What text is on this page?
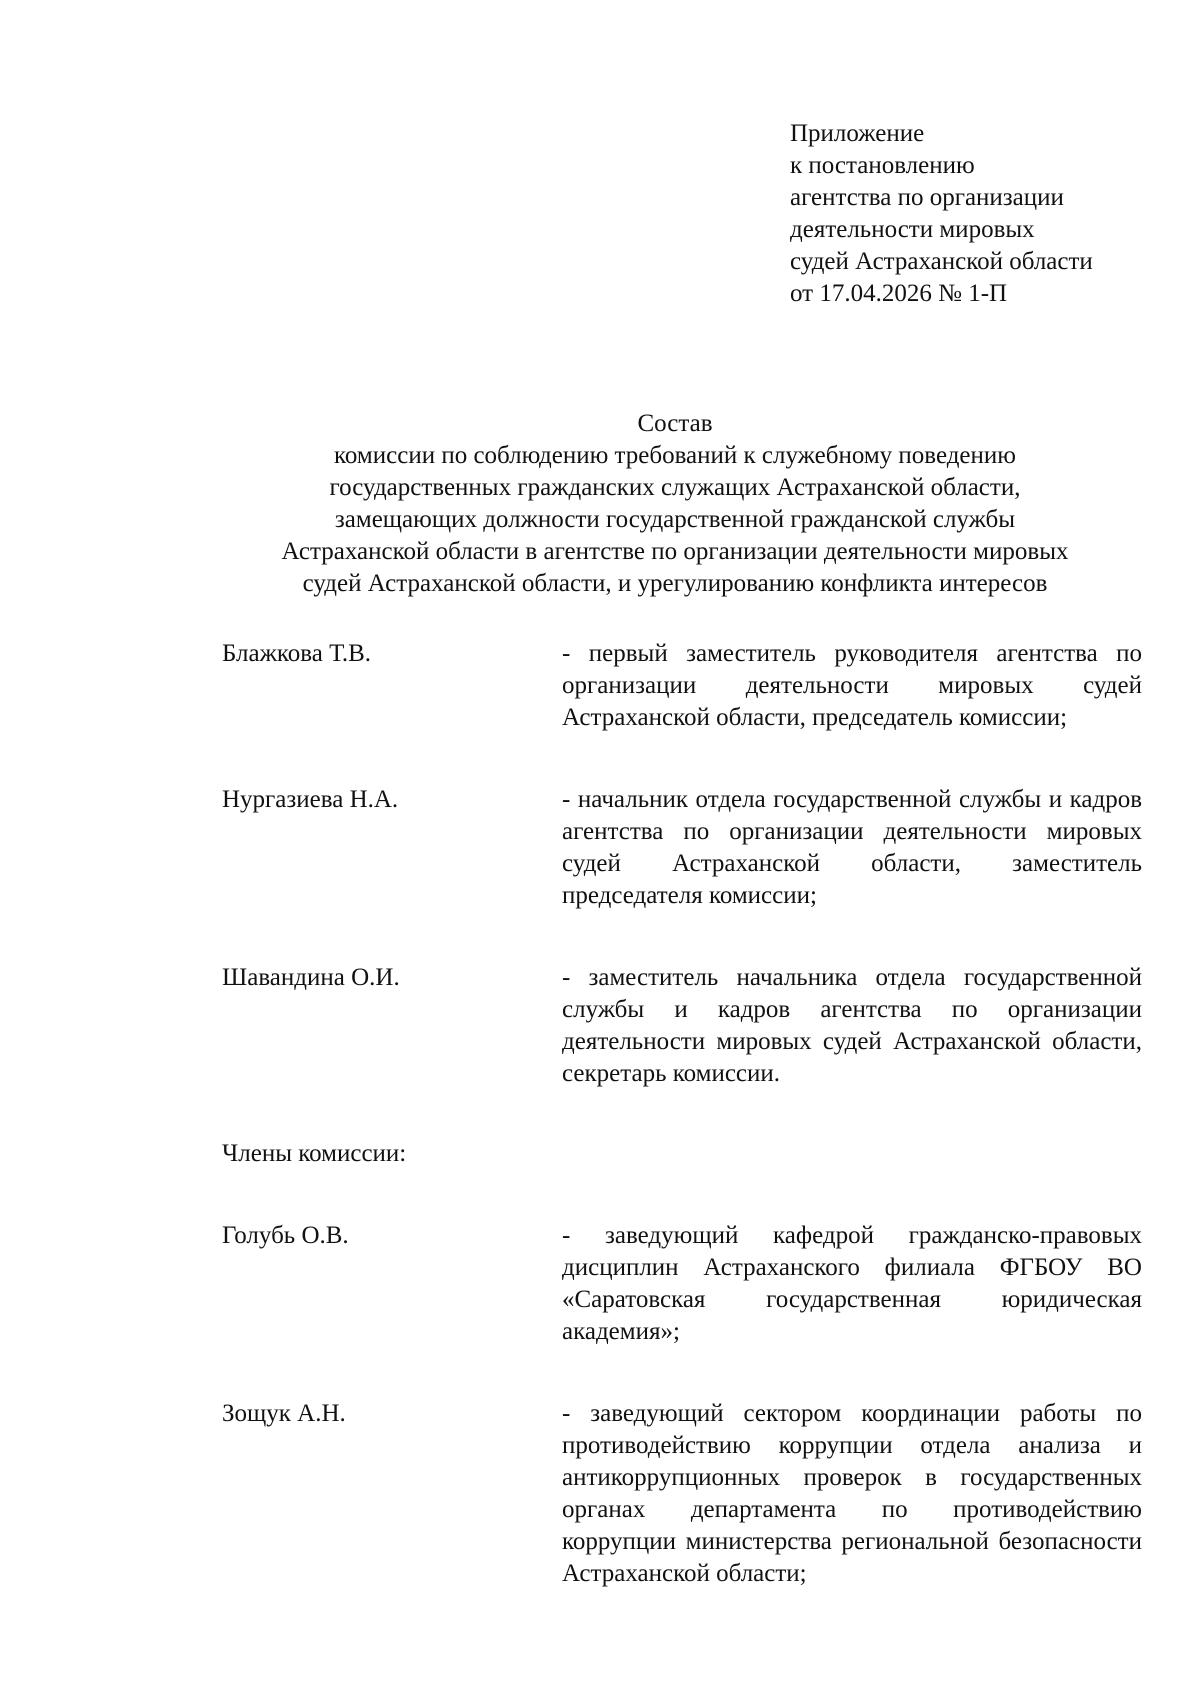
Приложение
к постановлению
агентства по организации
деятельности мировых
судей Астраханской области
от 17.04.2026 № 1-П
Состав
комиссии по соблюдению требований к служебному поведению
государственных гражданских служащих Астраханской области,
замещающих должности государственной гражданской службы
Астраханской области в агентстве по организации деятельности мировых
судей Астраханской области, и урегулированию конфликта интересов
Блажкова Т.В.	- первый заместитель руководителя агентства по организации деятельности мировых судей Астраханской области, председатель комиссии;
Нургазиева Н.А.	- начальник отдела государственной службы и кадров агентства по организации деятельности мировых судей Астраханской области, заместитель председателя комиссии;
Шавандина О.И.	- заместитель начальника отдела государственной службы и кадров агентства по организации деятельности мировых судей Астраханской области, секретарь комиссии.
Члены комиссии:
Голубь О.В.	- заведующий кафедрой гражданско-правовых дисциплин Астраханского филиала ФГБОУ ВО «Саратовская государственная юридическая академия»;
Зощук А.Н.	- заведующий сектором координации работы по противодействию коррупции отдела анализа и антикоррупционных проверок в государственных органах департамента по противодействию коррупции министерства региональной безопасности Астраханской области;
